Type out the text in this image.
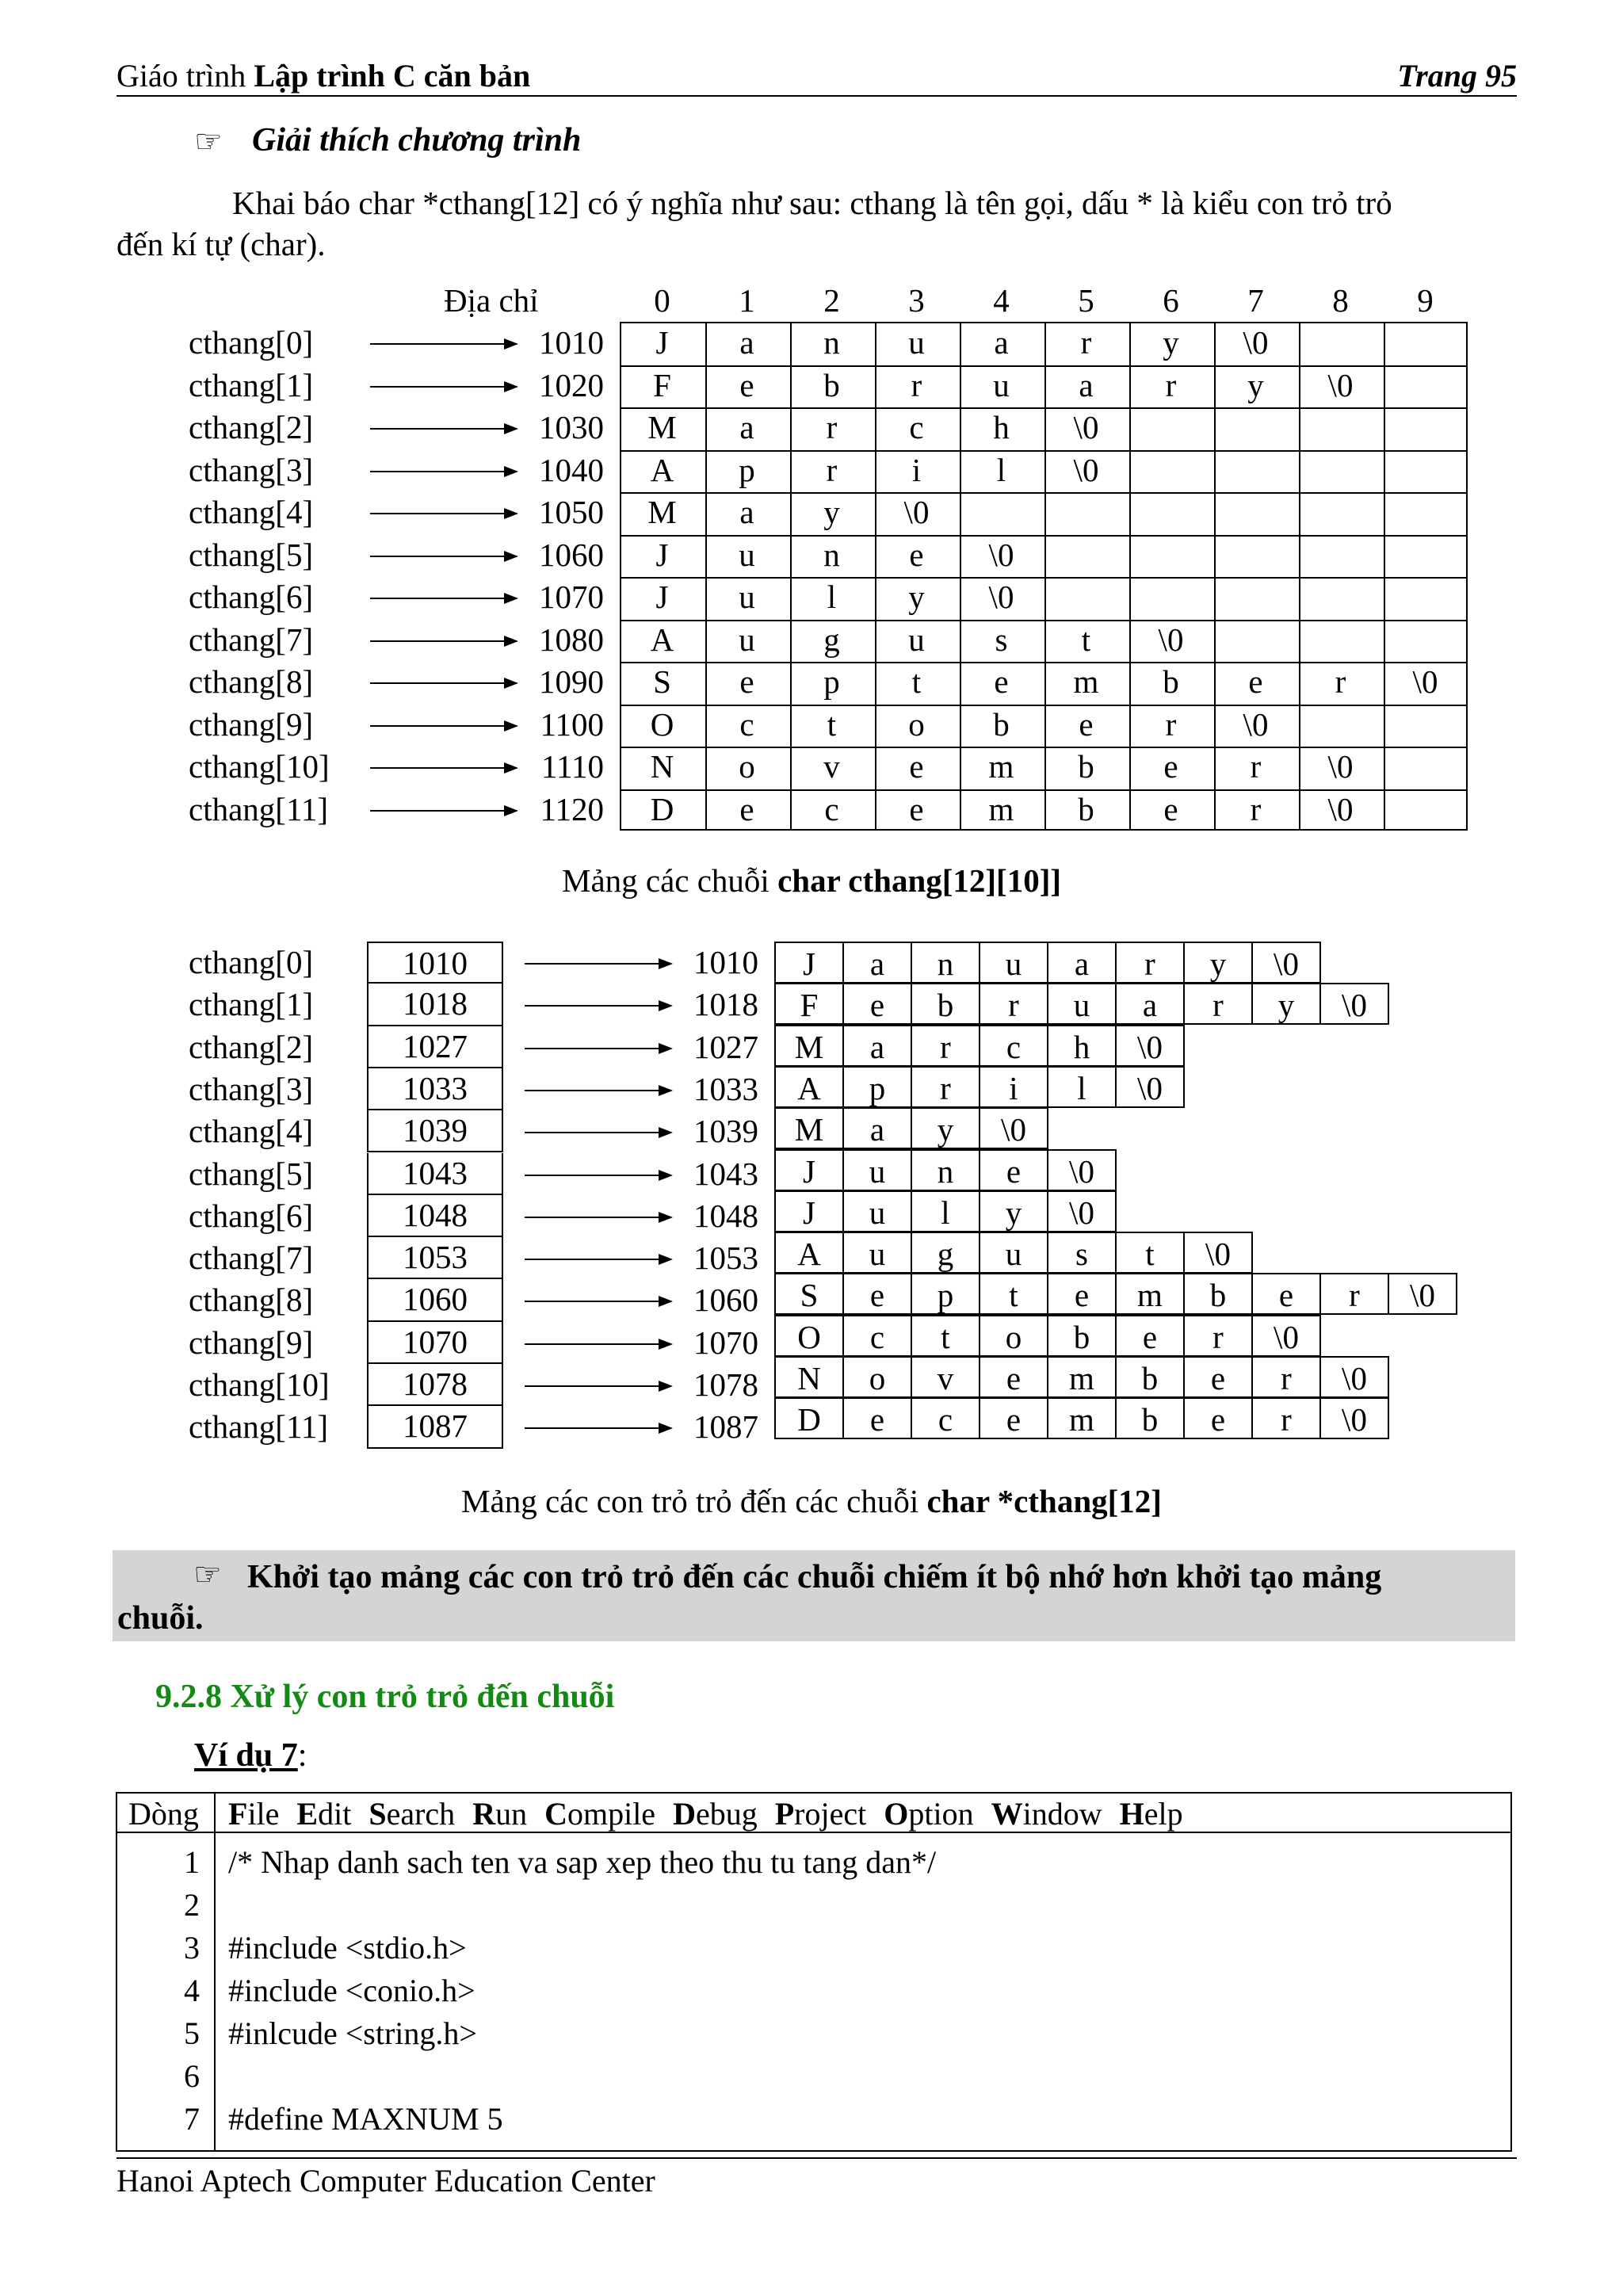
Giáo trình Lập trình C căn bản	Trang 95
☞ Giải thích chương trình
Khai báo char *cthang[12] có ý nghĩa như sau: cthang là tên gọi, dấu * là kiểu con trỏ trỏ
đến kí tự (char).
Địa chỉ	0	1	2	3	4	5	6	7	8	9
cthang[0]	1010	J	a	n	u	a	r	y	\0
cthang[1]	1020	F	e	b	r	u	a	r	y	\0
cthang[2]	1030	M	a	r	c	h	\0
cthang[3]	1040	A	p	r	i	l	\0
cthang[4]	1050	M	a	y	\0
cthang[5]	1060	J	u	n	e	\0
cthang[6]	1070	J	u	l	y	\0
cthang[7]	1080	A	u	g	u	s	t	\0
cthang[8]	1090	S	e	p	t	e	m	b	e	r	\0
cthang[9]	1100	O	c	t	o	b	e	r	\0
cthang[10]	1110	N	o	v	e	m	b	e	r	\0
cthang[11]	1120	D	e	c	e	m	b	e	r	\0
Mảng các chuỗi char cthang[12][10]]
cthang[0]	1010	1010	J	a	n	u	a	r	y	\0
cthang[1]	1018	1018	F	e	b	r	u	a	r	y	\0
cthang[2]	1027	1027	M	a	r	c	h	\0
cthang[3]	1033	1033	A	p	r	i	l	\0
cthang[4]	1039	1039	M	a	y	\0
cthang[5]	1043	1043	J	u	n	e	\0
cthang[6]	1048	1048	J	u	l	y	\0
cthang[7]	1053	1053	A	u	g	u	s	t	\0
cthang[8]	1060	1060	S	e	p	t	e	m	b	e	r	\0
cthang[9]	1070	1070	O	c	t	o	b	e	r	\0
cthang[10]	1078	1078	N	o	v	e	m	b	e	r	\0
cthang[11]	1087	1087	D	e	c	e	m	b	e	r	\0
Mảng các con trỏ trỏ đến các chuỗi char *cthang[12]
☞ Khởi tạo mảng các con trỏ trỏ đến các chuỗi chiếm ít bộ nhớ hơn khởi tạo mảng
chuỗi.
9.2.8 Xử lý con trỏ trỏ đến chuỗi
Ví dụ 7:
Dòng File Edit Search Run Compile Debug Project Option Window Help
1 /* Nhap danh sach ten va sap xep theo thu tu tang dan*/
2
3 #include <stdio.h>
4 #include <conio.h>
5 #inlcude <string.h>
6
7 #define MAXNUM 5
Hanoi Aptech Computer Education Center
